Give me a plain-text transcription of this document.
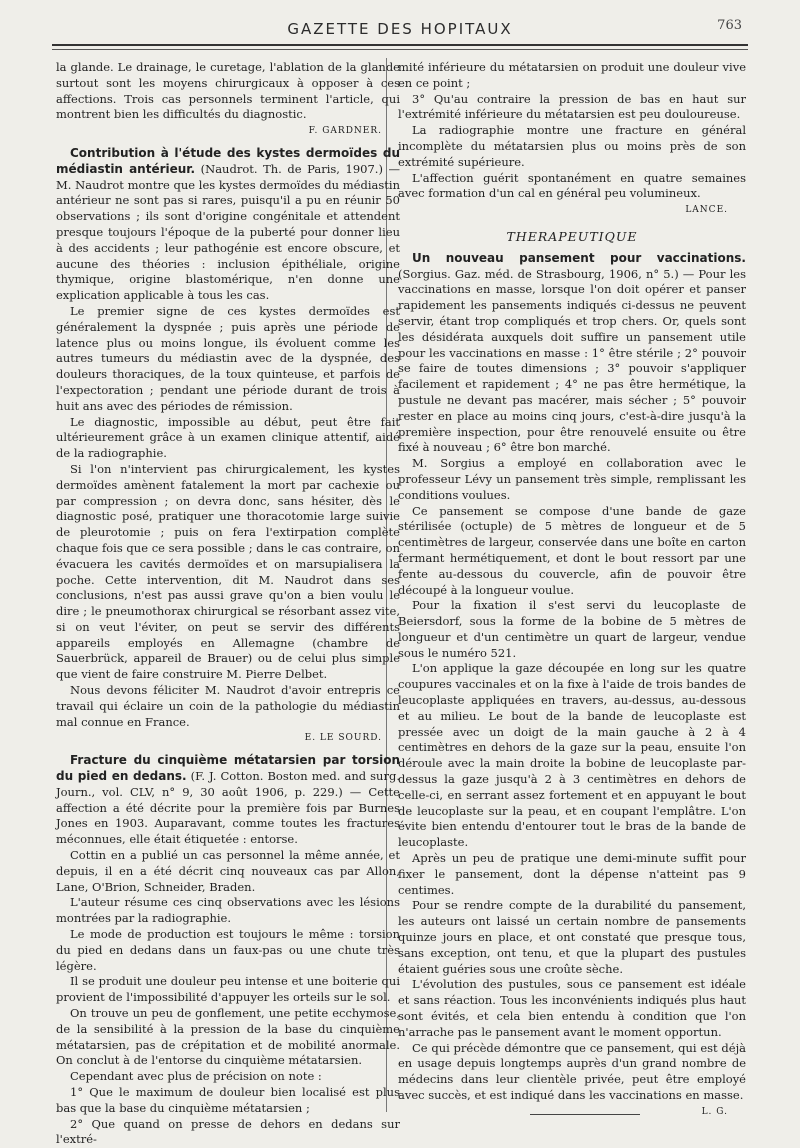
GAZETTE DES HOPITAUX	763

la glande. Le drainage, le curetage, l'ablation de la glande surtout sont les moyens chirurgicaux à opposer à ces affections. Trois cas personnels terminent l'article, qui montrent bien les difficultés du diagnostic.

F. GARDNER.

Contribution à l'étude des kystes dermoïdes du médiastin antérieur. (Naudrot. Th. de Paris, 1907.) — M. Naudrot montre que les kystes dermoïdes du médiastin antérieur ne sont pas si rares, puisqu'il a pu en réunir 50 observations ; ils sont d'origine congénitale et attendent presque toujours l'époque de la puberté pour donner lieu à des accidents ; leur pathogénie est encore obscure, et aucune des théories : inclusion épithéliale, origine thymique, origine blastomérique, n'en donne une explication applicable à tous les cas.

Le premier signe de ces kystes dermoïdes est généralement la dyspnée ; puis après une période de latence plus ou moins longue, ils évoluent comme les autres tumeurs du médiastin avec de la dyspnée, des douleurs thoraciques, de la toux quinteuse, et parfois de l'expectoration ; pendant une période durant de trois à huit ans avec des périodes de rémission.

Le diagnostic, impossible au début, peut être fait ultérieurement grâce à un examen clinique attentif, aidé de la radiographie.

Si l'on n'intervient pas chirurgicalement, les kystes dermoïdes amènent fatalement la mort par cachexie ou par compression ; on devra donc, sans hésiter, dès le diagnostic posé, pratiquer une thoracotomie large suivie de pleurotomie ; puis on fera l'extirpation complète chaque fois que ce sera possible ; dans le cas contraire, on évacuera les cavités dermoïdes et on marsupialisera la poche. Cette intervention, dit M. Naudrot dans ses conclusions, n'est pas aussi grave qu'on a bien voulu le dire ; le pneumothorax chirurgical se résorbant assez vite, si on veut l'éviter, on peut se servir des différents appareils employés en Allemagne (chambre de Sauerbrück, appareil de Brauer) ou de celui plus simple que vient de faire construire M. Pierre Delbet.

Nous devons féliciter M. Naudrot d'avoir entrepris ce travail qui éclaire un coin de la pathologie du médiastin mal connue en France.

E. LE SOURD.

Fracture du cinquième métatarsien par torsion du pied en dedans. (F. J. Cotton. Boston med. and surg. Journ., vol. CLV, n° 9, 30 août 1906, p. 229.) — Cette affection a été décrite pour la première fois par Burnes Jones en 1903. Auparavant, comme toutes les fractures méconnues, elle était étiquetée : entorse.

Cottin en a publié un cas personnel la même année, et depuis, il en a été décrit cinq nouveaux cas par Allon, Lane, O'Brion, Schneider, Braden.

L'auteur résume ces cinq observations avec les lésions montrées par la radiographie.

Le mode de production est toujours le même : torsion du pied en dedans dans un faux-pas ou une chute très légère.

Il se produit une douleur peu intense et une boiterie qui provient de l'impossibilité d'appuyer les orteils sur le sol.

On trouve un peu de gonflement, une petite ecchymose, de la sensibilité à la pression de la base du cinquième métatarsien, pas de crépitation et de mobilité anormale. On conclut à de l'entorse du cinquième métatarsien.

Cependant avec plus de précision on note :

1° Que le maximum de douleur bien localisé est plus bas que la base du cinquième métatarsien ;

2° Que quand on presse de dehors en dedans sur l'extré-

mité inférieure du métatarsien on produit une douleur vive en ce point ;

3° Qu'au contraire la pression de bas en haut sur l'extrémité inférieure du métatarsien est peu douloureuse.

La radiographie montre une fracture en général incomplète du métatarsien plus ou moins près de son extrémité supérieure.

L'affection guérit spontanément en quatre semaines avec formation d'un cal en général peu volumineux.

LANCE.
THERAPEUTIQUE

Un nouveau pansement pour vaccinations. (Sorgius. Gaz. méd. de Strasbourg, 1906, n° 5.) — Pour les vaccinations en masse, lorsque l'on doit opérer et panser rapidement les pansements indiqués ci-dessus ne peuvent servir, étant trop compliqués et trop chers. Or, quels sont les désidérata auxquels doit suffire un pansement utile pour les vaccinations en masse : 1° être stérile ; 2° pouvoir se faire de toutes dimensions ; 3° pouvoir s'appliquer facilement et rapidement ; 4° ne pas être hermétique, la pustule ne devant pas macérer, mais sécher ; 5° pouvoir rester en place au moins cinq jours, c'est-à-dire jusqu'à la première inspection, pour être renouvelé ensuite ou être fixé à nouveau ; 6° être bon marché.

M. Sorgius a employé en collaboration avec le professeur Lévy un pansement très simple, remplissant les conditions voulues.

Ce pansement se compose d'une bande de gaze stérilisée (octuple) de 5 mètres de longueur et de 5 centimètres de largeur, conservée dans une boîte en carton fermant hermétiquement, et dont le bout ressort par une fente au-dessous du couvercle, afin de pouvoir être découpé à la longueur voulue.

Pour la fixation il s'est servi du leucoplaste de Beiersdorf, sous la forme de la bobine de 5 mètres de longueur et d'un centimètre un quart de largeur, vendue sous le numéro 521.

L'on applique la gaze découpée en long sur les quatre coupures vaccinales et on la fixe à l'aide de trois bandes de leucoplaste appliquées en travers, au-dessus, au-dessous et au milieu. Le bout de la bande de leucoplaste est pressée avec un doigt de la main gauche à 2 à 4 centimètres en dehors de la gaze sur la peau, ensuite l'on déroule avec la main droite la bobine de leucoplaste par-dessus la gaze jusqu'à 2 à 3 centimètres en dehors de celle-ci, en serrant assez fortement et en appuyant le bout de leucoplaste sur la peau, et en coupant l'emplâtre. L'on évite bien entendu d'entourer tout le bras de la bande de leucoplaste.

Après un peu de pratique une demi-minute suffit pour fixer le pansement, dont la dépense n'atteint pas 9 centimes.

Pour se rendre compte de la durabilité du pansement, les auteurs ont laissé un certain nombre de pansements quinze jours en place, et ont constaté que presque tous, sans exception, ont tenu, et que la plupart des pustules étaient guéries sous une croûte sèche.

L'évolution des pustules, sous ce pansement est idéale et sans réaction. Tous les inconvénients indiqués plus haut sont évités, et cela bien entendu à condition que l'on n'arrache pas le pansement avant le moment opportun.

Ce qui précède démontre que ce pansement, qui est déjà en usage depuis longtemps auprès d'un grand nombre de médecins dans leur clientèle privée, peut être employé avec succès, et est indiqué dans les vaccinations en masse.

L. G.
